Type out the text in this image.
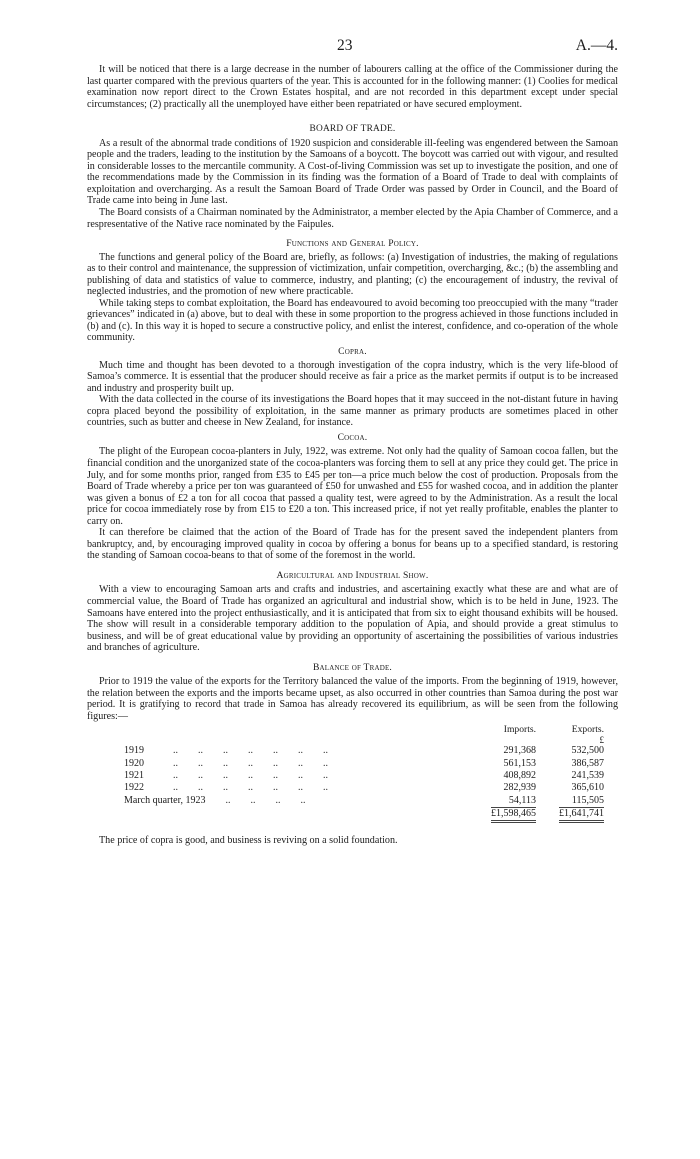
23	A.—4.

It will be noticed that there is a large decrease in the number of labourers calling at the office of the Commissioner during the last quarter compared with the previous quarters of the year. This is accounted for in the following manner: (1) Coolies for medical examination now report direct to the Crown Estates hospital, and are not recorded in this department except under special circumstances; (2) practically all the unemployed have either been repatriated or have secured employment.

BOARD OF TRADE.

As a result of the abnormal trade conditions of 1920 suspicion and considerable ill-feeling was engendered between the Samoan people and the traders, leading to the institution by the Samoans of a boycott. The boycott was carried out with vigour, and resulted in considerable losses to the mercantile community. A Cost-of-living Commission was set up to investigate the position, and one of the recommendations made by the Commission in its finding was the formation of a Board of Trade to deal with complaints of exploitation and overcharging. As a result the Samoan Board of Trade Order was passed by Order in Council, and the Board of Trade came into being in June last.

The Board consists of a Chairman nominated by the Administrator, a member elected by the Apia Chamber of Commerce, and a respresentative of the Native race nominated by the Faipules.

Functions and General Policy.

The functions and general policy of the Board are, briefly, as follows: (a) Investigation of industries, the making of regulations as to their control and maintenance, the suppression of victimization, unfair competition, overcharging, &c.; (b) the assembling and publishing of data and statistics of value to commerce, industry, and planting; (c) the encouragement of industry, the revival of neglected industries, and the promotion of new where practicable.

While taking steps to combat exploitation, the Board has endeavoured to avoid becoming too preoccupied with the many “trader grievances” indicated in (a) above, but to deal with these in some proportion to the progress achieved in those functions included in (b) and (c). In this way it is hoped to secure a constructive policy, and enlist the interest, confidence, and co-operation of the whole community.

Copra.

Much time and thought has been devoted to a thorough investigation of the copra industry, which is the very life-blood of Samoa’s commerce. It is essential that the producer should receive as fair a price as the market permits if output is to be increased and industry and prosperity built up.

With the data collected in the course of its investigations the Board hopes that it may succeed in the not-distant future in having copra placed beyond the possibility of exploitation, in the same manner as primary products are sometimes placed in other countries, such as butter and cheese in New Zealand, for instance.

Cocoa.

The plight of the European cocoa-planters in July, 1922, was extreme. Not only had the quality of Samoan cocoa fallen, but the financial condition and the unorganized state of the cocoa-planters was forcing them to sell at any price they could get. The price in July, and for some months prior, ranged from £35 to £45 per ton—a price much below the cost of production. Proposals from the Board of Trade whereby a price per ton was guaranteed of £50 for unwashed and £55 for washed cocoa, and in addition the planter was given a bonus of £2 a ton for all cocoa that passed a quality test, were agreed to by the Administration. As a result the local price for cocoa immediately rose by from £15 to £20 a ton. This increased price, if not yet really profitable, enables the planter to carry on.

It can therefore be claimed that the action of the Board of Trade has for the present saved the independent planters from bankruptcy, and, by encouraging improved quality in cocoa by offering a bonus for beans up to a specified standard, is restoring the standing of Samoan cocoa-beans to that of some of the foremost in the world.

Agricultural and Industrial Show.

With a view to encouraging Samoan arts and crafts and industries, and ascertaining exactly what these are and what are of commercial value, the Board of Trade has organized an agricultural and industrial show, which is to be held in June, 1923. The Samoans have entered into the project enthusiastically, and it is anticipated that from six to eight thousand exhibits will be housed. The show will result in a considerable temporary addition to the population of Apia, and should provide a great stimulus to business, and will be of great educational value by providing an opportunity of ascertaining the possibilities of various industries and branches of agriculture.

Balance of Trade.

Prior to 1919 the value of the exports for the Territory balanced the value of the imports. From the beginning of 1919, however, the relation between the exports and the imports became upset, as also occurred in other countries than Samoa during the post war period. It is gratifying to record that trade in Samoa has already recovered its equilibrium, as will be seen from the following figures:—

		Imports.	Exports.
			£
1919	..        ..        ..        ..        ..        ..        ..	291,368	532,500
1920	..        ..        ..        ..        ..        ..        ..	561,153	386,587
1921	..        ..        ..        ..        ..        ..        ..	408,892	241,539
1922	..        ..        ..        ..        ..        ..        ..	282,939	365,610
March quarter, 1923        ..        ..        ..        ..		54,113	115,505
		£1,598,465	£1,641,741

The price of copra is good, and business is reviving on a solid foundation.
